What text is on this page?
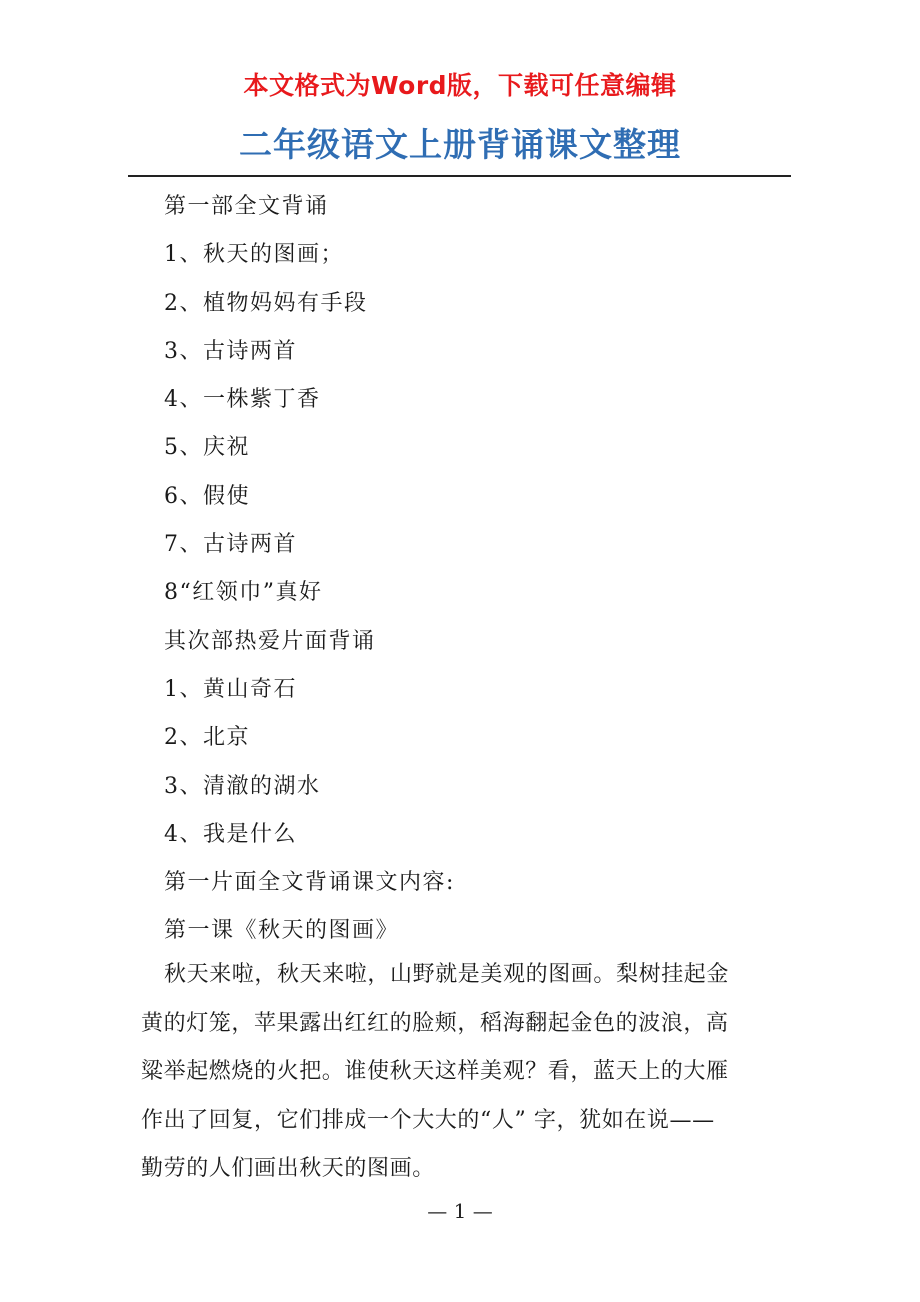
本文格式为Word版，下载可任意编辑
二年级语文上册背诵课文整理
第一部全文背诵
1、秋天的图画；
2、植物妈妈有手段
3、古诗两首
4、一株紫丁香
5、庆祝
6、假使
7、古诗两首
8“红领巾”真好
其次部热爱片面背诵
1、黄山奇石
2、北京
3、清澈的湖水
4、我是什么
第一片面全文背诵课文内容:
第一课《秋天的图画》
秋天来啦，秋天来啦，山野就是美观的图画。梨树挂起金
黄的灯笼，苹果露出红红的脸颊，稻海翻起金色的波浪，高
粱举起燃烧的火把。谁使秋天这样美观？看，蓝天上的大雁
作出了回复，它们排成一个大大的“人” 字，犹如在说——
勤劳的人们画出秋天的图画。
— 1 —
